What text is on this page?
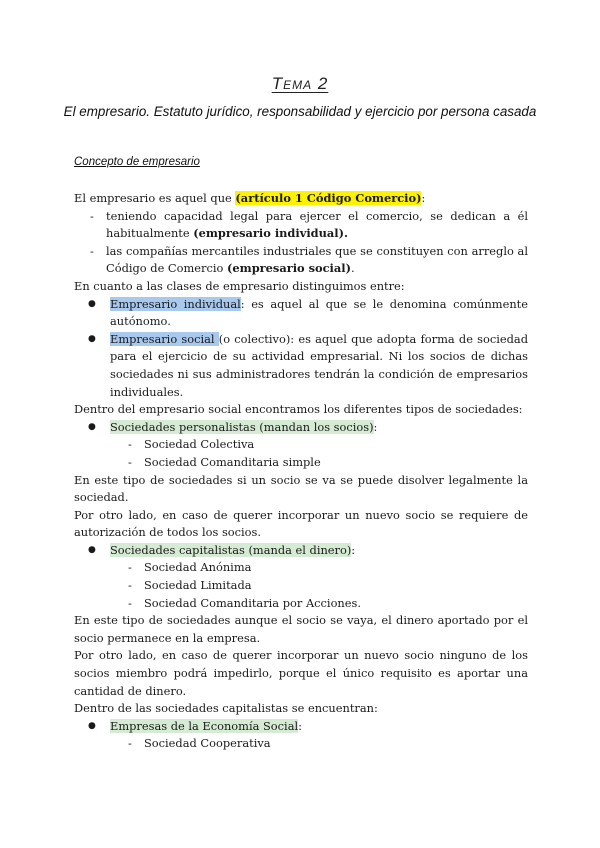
Tema 2
El empresario. Estatuto jurídico, responsabilidad y ejercicio por persona casada
Concepto de empresario

El empresario es aquel que (artículo 1 Código Comercio):

- teniendo capacidad legal para ejercer el comercio, se dedican a él habitualmente (empresario individual).
- las compañías mercantiles industriales que se constituyen con arreglo al Código de Comercio (empresario social).

En cuanto a las clases de empresario distinguimos entre:

● Empresario individual: es aquel al que se le denomina comúnmente autónomo.
● Empresario social (o colectivo): es aquel que adopta forma de sociedad para el ejercicio de su actividad empresarial. Ni los socios de dichas sociedades ni sus administradores tendrán la condición de empresarios individuales.

Dentro del empresario social encontramos los diferentes tipos de sociedades:

● Sociedades personalistas (mandan los socios):
- Sociedad Colectiva
- Sociedad Comanditaria simple

En este tipo de sociedades si un socio se va se puede disolver legalmente la sociedad.

Por otro lado, en caso de querer incorporar un nuevo socio se requiere de autorización de todos los socios.

● Sociedades capitalistas (manda el dinero):
- Sociedad Anónima
- Sociedad Limitada
- Sociedad Comanditaria por Acciones.

En este tipo de sociedades aunque el socio se vaya, el dinero aportado por el socio permanece en la empresa.

Por otro lado, en caso de querer incorporar un nuevo socio ninguno de los socios miembro podrá impedirlo, porque el único requisito es aportar una cantidad de dinero.

Dentro de las sociedades capitalistas se encuentran:

● Empresas de la Economía Social:
- Sociedad Cooperativa
